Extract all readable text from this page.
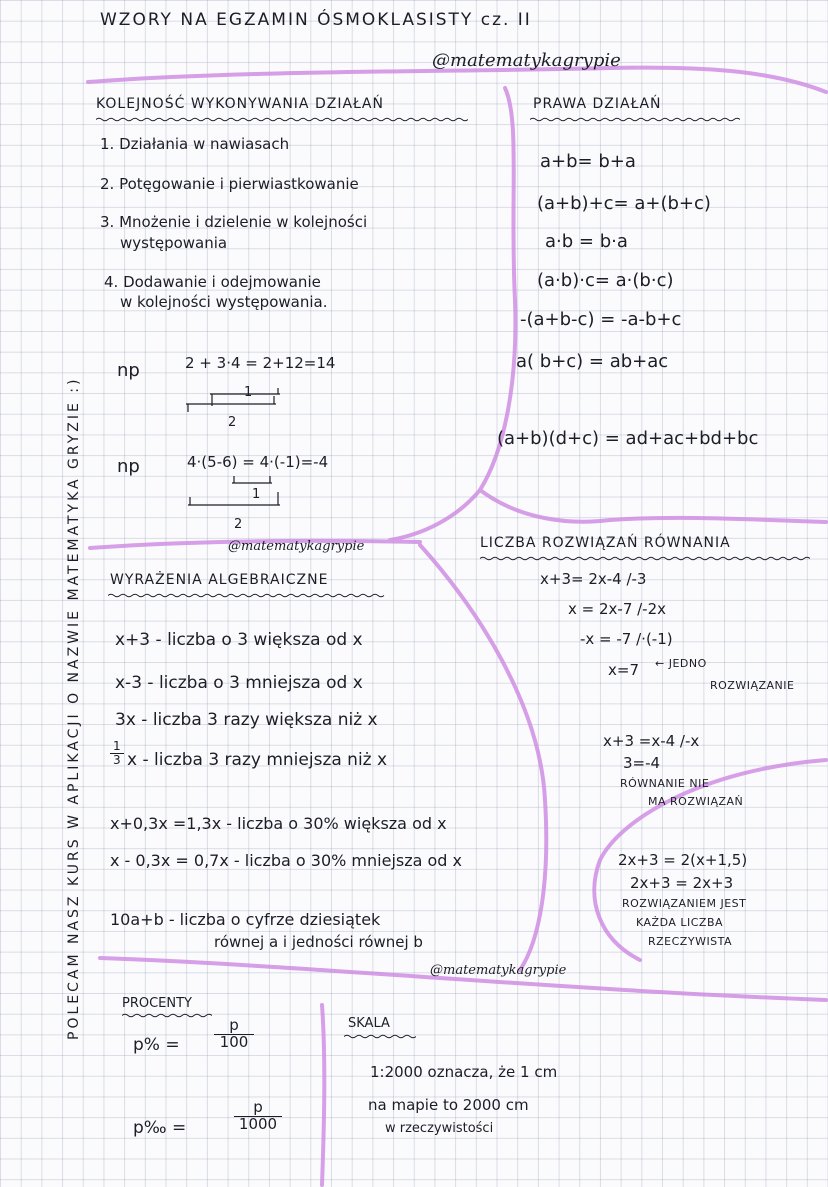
WZORY NA EGZAMIN ÓSMOKLASISTY cz. II
@matematykagrypie
POLECAM NASZ KURS W APLIKACJI O NAZWIE MATEMATYKA GRYZIE :)
KOLEJNOŚĆ WYKONYWANIA DZIAŁAŃ
1. Działania w nawiasach
2. Potęgowanie i pierwiastkowanie
3. Mnożenie i dzielenie w kolejności
występowania
4. Dodawanie i odejmowanie
w kolejności występowania.
np	2 + 3·4 = 2+12=14
1
2
np	4·(5-6) = 4·(-1)=-4
1
2
PRAWA DZIAŁAŃ
a+b= b+a
(a+b)+c= a+(b+c)
a·b = b·a
(a·b)·c= a·(b·c)
-(a+b-c) = -a-b+c
a( b+c) = ab+ac
(a+b)(d+c) = ad+ac+bd+bc
@matematykagrypie
WYRAŻENIA ALGEBRAICZNE
x+3 - liczba o 3 większa od x
x-3 - liczba o 3 mniejsza od x
3x - liczba 3 razy większa niż x
$\frac{1}{3}$ x - liczba 3 razy mniejsza niż x
x+0,3x =1,3x - liczba o 30% większa od x
x - 0,3x = 0,7x - liczba o 30% mniejsza od x
10a+b - liczba o cyfrze dziesiątek
równej a i jedności równej b
LICZBA ROZWIĄZAŃ RÓWNANIA
x+3= 2x-4 /-3
x = 2x-7 /-2x
-x = -7 /·(-1)
x=7 ← JEDNO
ROZWIĄZANIE
x+3 =x-4 /-x
3=-4
RÓWNANIE NIE
MA ROZWIĄZAŃ
2x+3 = 2(x+1,5)
2x+3 = 2x+3
ROZWIĄZANIEM JEST
KAŻDA LICZBA
RZECZYWISTA
PROCENTY
$p\% = \frac{p}{100}$
p‰ =	$\frac{p}{1000}$
@matematykagrypie
SKALA
1:2000 oznacza, że 1 cm
na mapie to 2000 cm
w rzeczywistości
